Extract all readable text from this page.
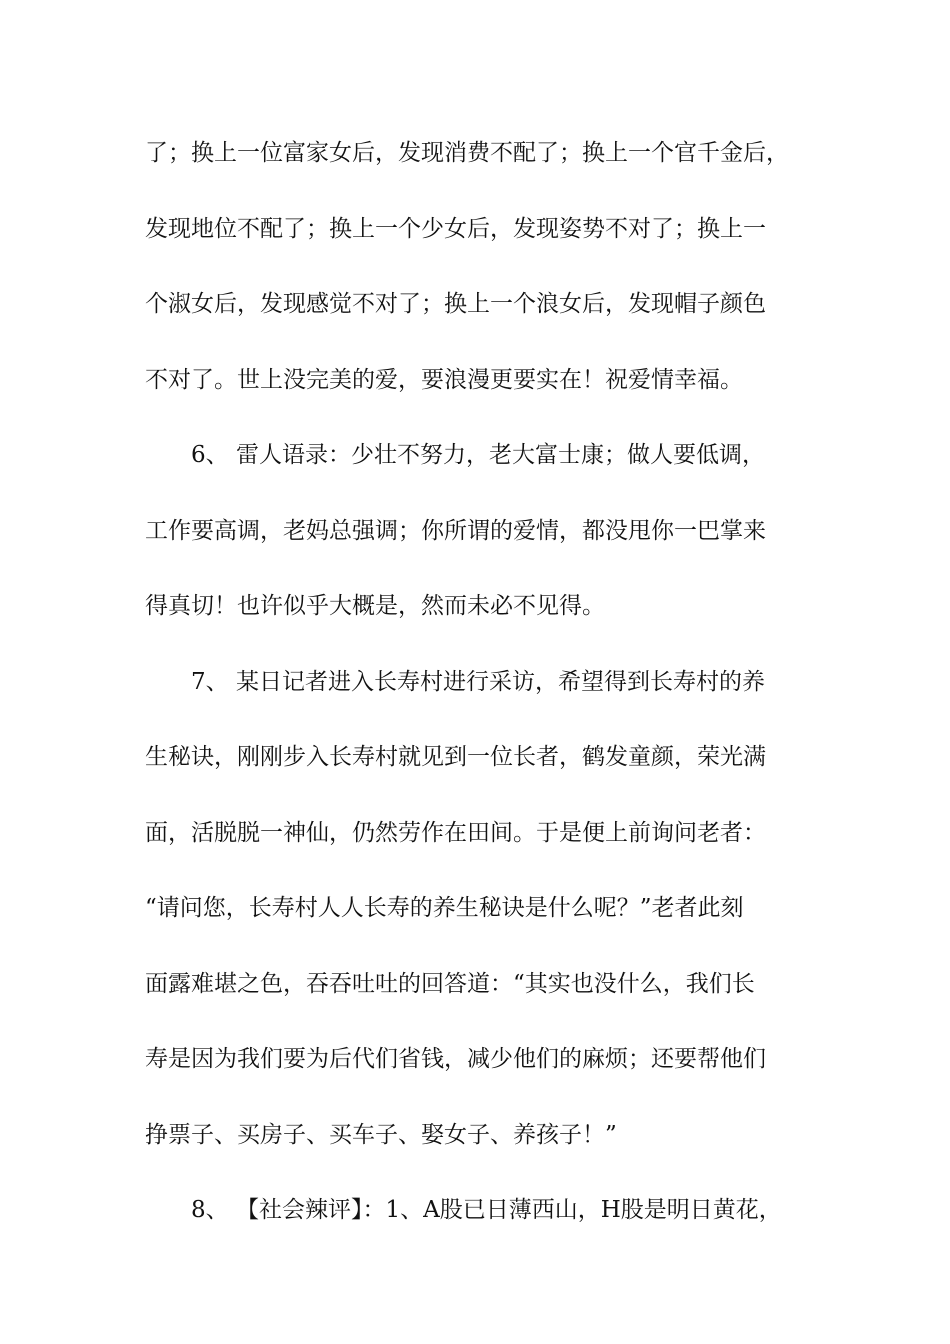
了；换上一位富家女后，发现消费不配了；换上一个官千金后，
发现地位不配了；换上一个少女后，发现姿势不对了；换上一
个淑女后，发现感觉不对了；换上一个浪女后，发现帽子颜色
不对了。世上没完美的爱，要浪漫更要实在！祝爱情幸福。
6、 雷人语录：少壮不努力，老大富士康；做人要低调，
工作要高调，老妈总强调；你所谓的爱情，都没甩你一巴掌来
得真切！也许似乎大概是，然而未必不见得。
7、 某日记者进入长寿村进行采访，希望得到长寿村的养
生秘诀，刚刚步入长寿村就见到一位长者，鹤发童颜，荣光满
面，活脱脱一神仙，仍然劳作在田间。于是便上前询问老者：
“请问您，长寿村人人长寿的养生秘诀是什么呢？”老者此刻
面露难堪之色，吞吞吐吐的回答道：“其实也没什么，我们长
寿是因为我们要为后代们省钱，减少他们的麻烦；还要帮他们
挣票子、买房子、买车子、娶女子、养孩子！”
8、 【社会辣评】：1、A股已日薄西山，H股是明日黄花，
